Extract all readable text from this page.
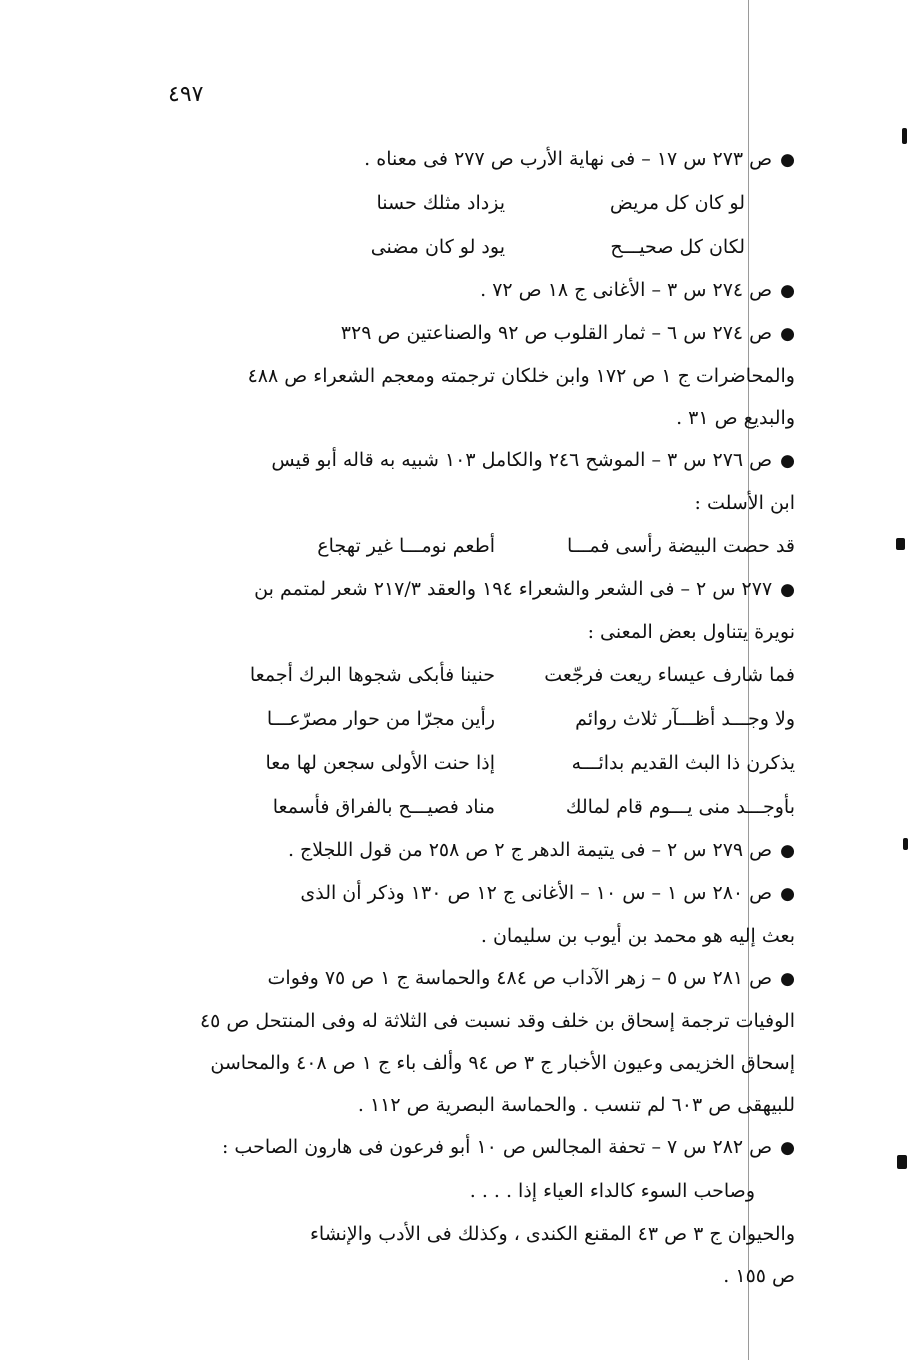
٤٩٧

●ص ٢٧٣ س ١٧ – فى نهاية الأرب ص ٢٧٧ فى معناه .

لو كان كل مريض
يزداد مثلك حسنا
لكان كل صحيـــح
يود لو كان مضنى

●ص ٢٧٤ س ٣ – الأغانى ج ١٨ ص ٧٢ .

●ص ٢٧٤ س ٦ – ثمار القلوب ص ٩٢ والصناعتين ص ٣٢٩
والمحاضرات ج ١ ص ١٧٢ وابن خلكان ترجمته ومعجم الشعراء ص ٤٨٨
والبديع ص ٣١ .

●ص ٢٧٦ س ٣ – الموشح ٢٤٦ والكامل ١٠٣ شبيه به قاله أبو قيس
ابن الأسلت :

قد حصت البيضة رأسى فمـــا
أطعم نومـــا غير تهجاع

●٢٧٧ س ٢ – فى الشعر والشعراء ١٩٤ والعقد ٢١٧/٣ شعر لمتمم بن
نويرة يتناول بعض المعنى :

فما شارف عيساء ريعت فرجّعت
حنينا فأبكى شجوها البرك أجمعا
ولا وجـــد أظـــآر ثلاث روائم
رأين مجرّا من حوار مصرّعـــا
يذكرن ذا البث القديم بدائـــه
إذا حنت الأولى سجعن لها معا
بأوجـــد منى يـــوم قام لمالك
مناد فصيـــح بالفراق فأسمعا

●ص ٢٧٩ س ٢ – فى يتيمة الدهر ج ٢ ص ٢٥٨ من قول اللجلاج .

●ص ٢٨٠ س ١ – س ١٠ – الأغانى ج ١٢ ص ١٣٠ وذكر أن الذى
بعث إليه هو محمد بن أيوب بن سليمان .

●ص ٢٨١ س ٥ – زهر الآداب ص ٤٨٤ والحماسة ج ١ ص ٧٥ وفوات
الوفيات ترجمة إسحاق بن خلف وقد نسبت فى الثلاثة له وفى المنتحل ص ٤٥
إسحاق الخزيمى وعيون الأخبار ج ٣ ص ٩٤ وألف باء ج ١ ص ٤٠٨ والمحاسن
للبيهقى ص ٦٠٣ لم تنسب . والحماسة البصرية ص ١١٢ .

●ص ٢٨٢ س ٧ – تحفة المجالس ص ١٠ أبو فرعون فى هارون الصاحب :

وصاحب السوء كالداء العياء إذا . . . .

والحيوان ج ٣ ص ٤٣ المقنع الكندى ، وكذلك فى الأدب والإنشاء
ص ١٥٥ .
